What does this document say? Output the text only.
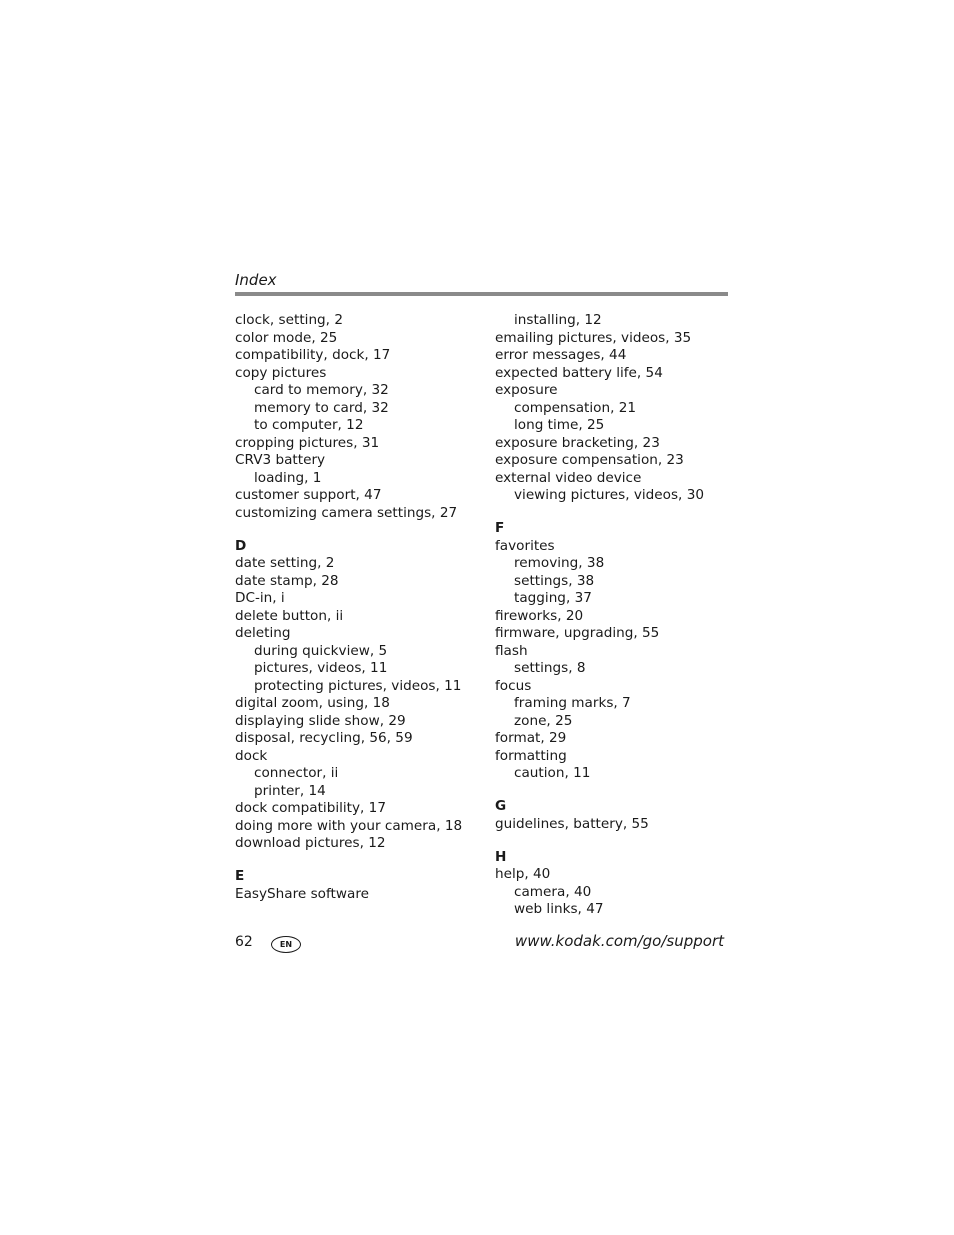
Index
clock, setting, 2
color mode, 25
compatibility, dock, 17
copy pictures
card to memory, 32
memory to card, 32
to computer, 12
cropping pictures, 31
CRV3 battery
loading, 1
customer support, 47
customizing camera settings, 27
D
date setting, 2
date stamp, 28
DC-in, i
delete button, ii
deleting
during quickview, 5
pictures, videos, 11
protecting pictures, videos, 11
digital zoom, using, 18
displaying slide show, 29
disposal, recycling, 56, 59
dock
connector, ii
printer, 14
dock compatibility, 17
doing more with your camera, 18
download pictures, 12
E
EasyShare software
installing, 12
emailing pictures, videos, 35
error messages, 44
expected battery life, 54
exposure
compensation, 21
long time, 25
exposure bracketing, 23
exposure compensation, 23
external video device
viewing pictures, videos, 30
F
favorites
removing, 38
settings, 38
tagging, 37
fireworks, 20
firmware, upgrading, 55
flash
settings, 8
focus
framing marks, 7
zone, 25
format, 29
formatting
caution, 11
G
guidelines, battery, 55
H
help, 40
camera, 40
web links, 47
62	EN	www.kodak.com/go/support
